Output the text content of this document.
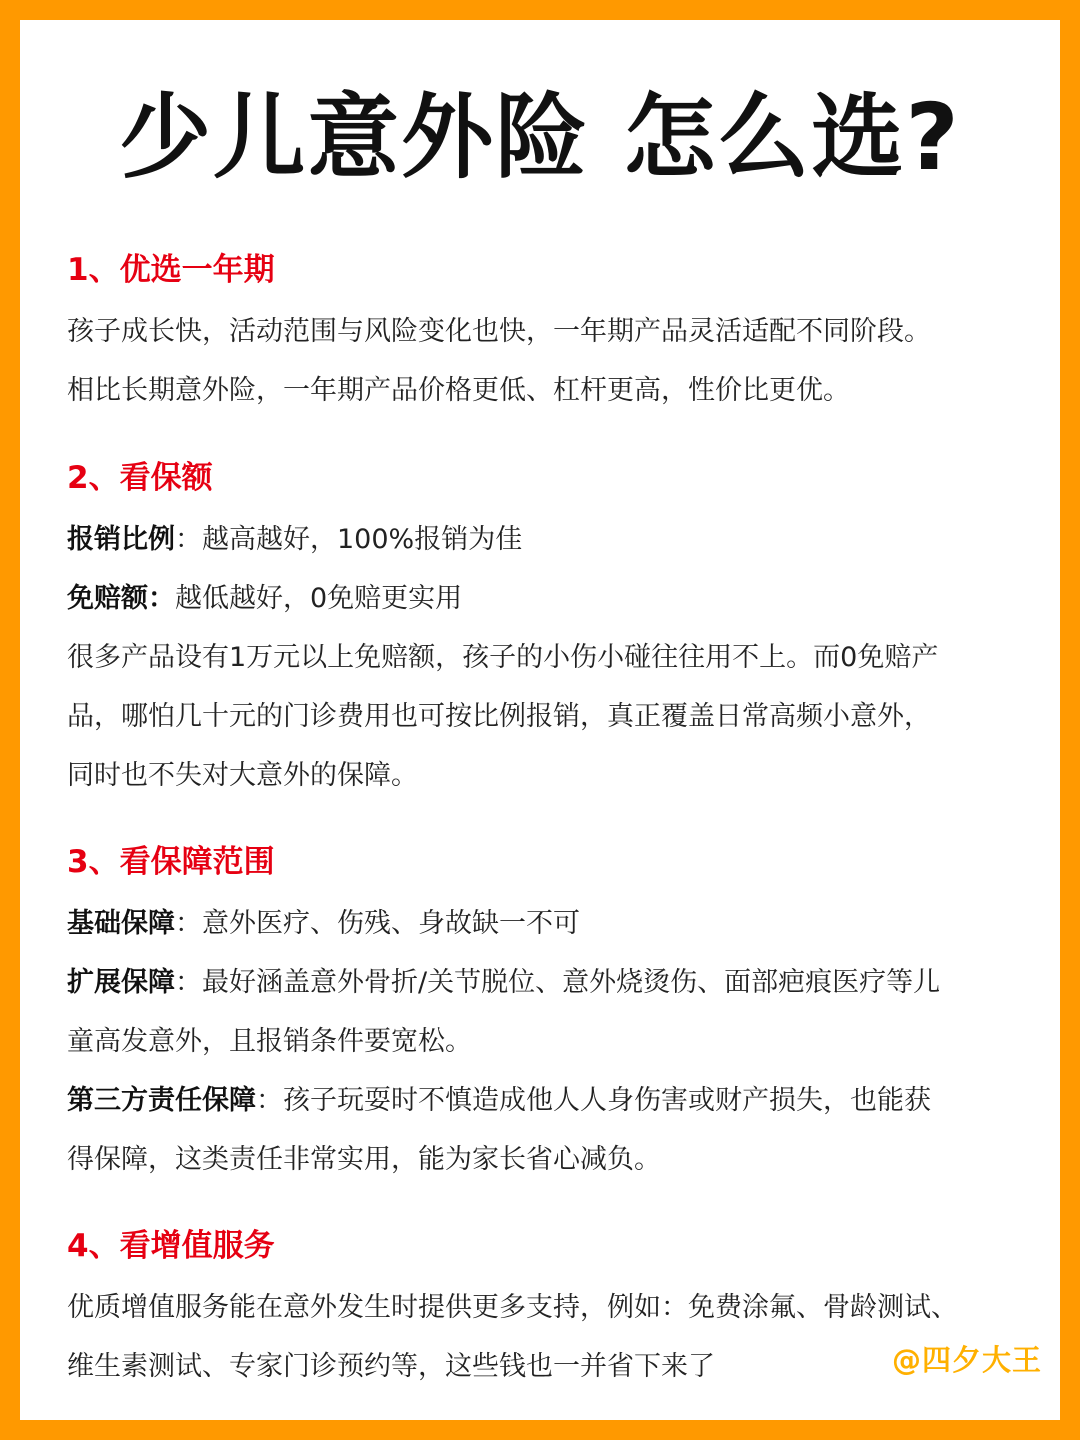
少儿意外险 怎么选?

1、优选一年期

孩子成长快，活动范围与风险变化也快，一年期产品灵活适配不同阶段。

相比长期意外险，一年期产品价格更低、杠杆更高，性价比更优。

2、看保额

报销比例：越高越好，100%报销为佳

免赔额：越低越好，0免赔更实用

很多产品设有1万元以上免赔额，孩子的小伤小碰往往用不上。而0免赔产

品，哪怕几十元的门诊费用也可按比例报销，真正覆盖日常高频小意外，

同时也不失对大意外的保障。

3、看保障范围

基础保障：意外医疗、伤残、身故缺一不可

扩展保障：最好涵盖意外骨折/关节脱位、意外烧烫伤、面部疤痕医疗等儿

童高发意外，且报销条件要宽松。

第三方责任保障：孩子玩耍时不慎造成他人人身伤害或财产损失，也能获

得保障，这类责任非常实用，能为家长省心减负。

4、看增值服务

优质增值服务能在意外发生时提供更多支持，例如：免费涂氟、骨龄测试、

维生素测试、专家门诊预约等，这些钱也一并省下来了	@四夕大王
